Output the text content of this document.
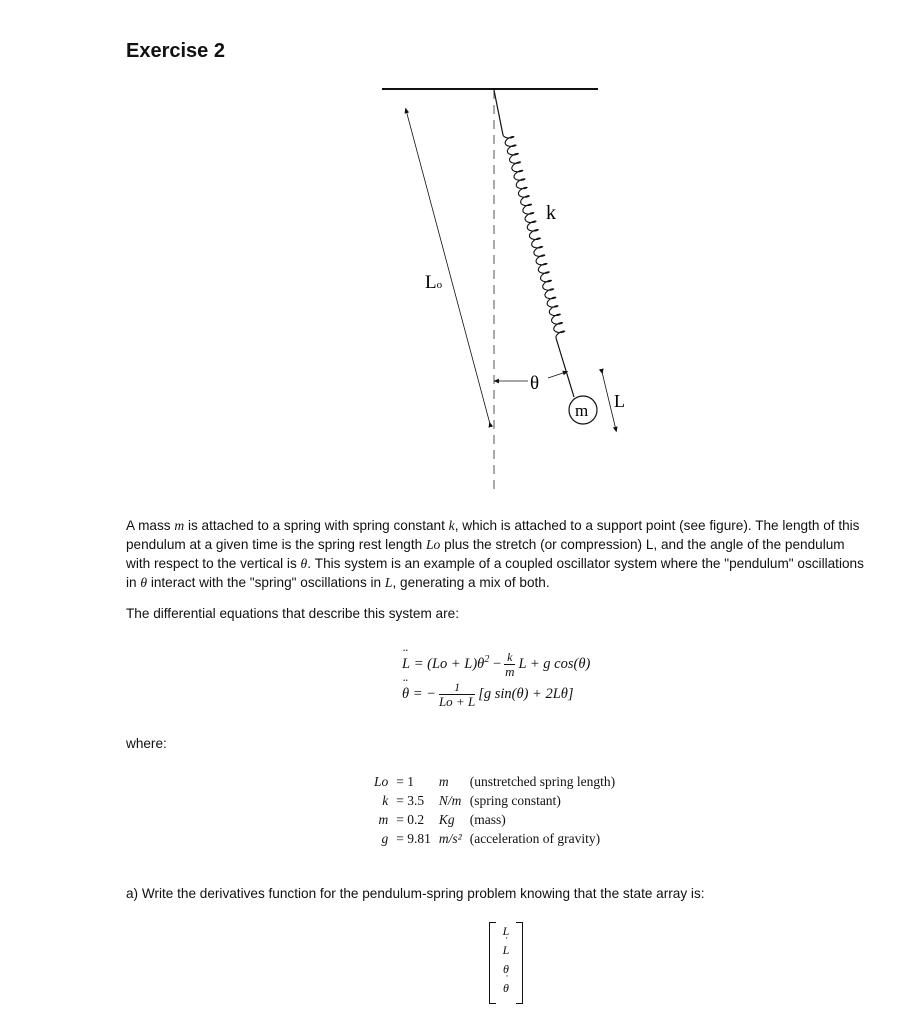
Exercise 2
m
Lo
k
θ
L
A mass m is attached to a spring with spring constant k, which is attached to a support point (see figure). The length of this pendulum at a given time is the spring rest length Lo plus the stretch (or compression) L, and the angle of the pendulum with respect to the vertical is θ. This system is an example of a coupled oscillator system where the "pendulum" oscillations in θ interact with the "spring" oscillations in L, generating a mix of both.
The differential equations that describe this system are:
L ¨ = $(Lo + L)\theta^2 - \frac{k}{m}$ L + g cos(θ)
θ ¨ = − $\frac{1}{Lo + L} [g$ sin(θ) + 2Lθ]
where:
Lo	= 1	m	(unstretched spring length)
k	= 3.5	N/m	(spring constant)
m	= 0.2	Kg	(mass)
g	= 9.81	m/s²	(acceleration of gravity)
a) Write the derivatives function for the pendulum-spring problem knowing that the state array is:
L
L ˙
θ
θ ˙
